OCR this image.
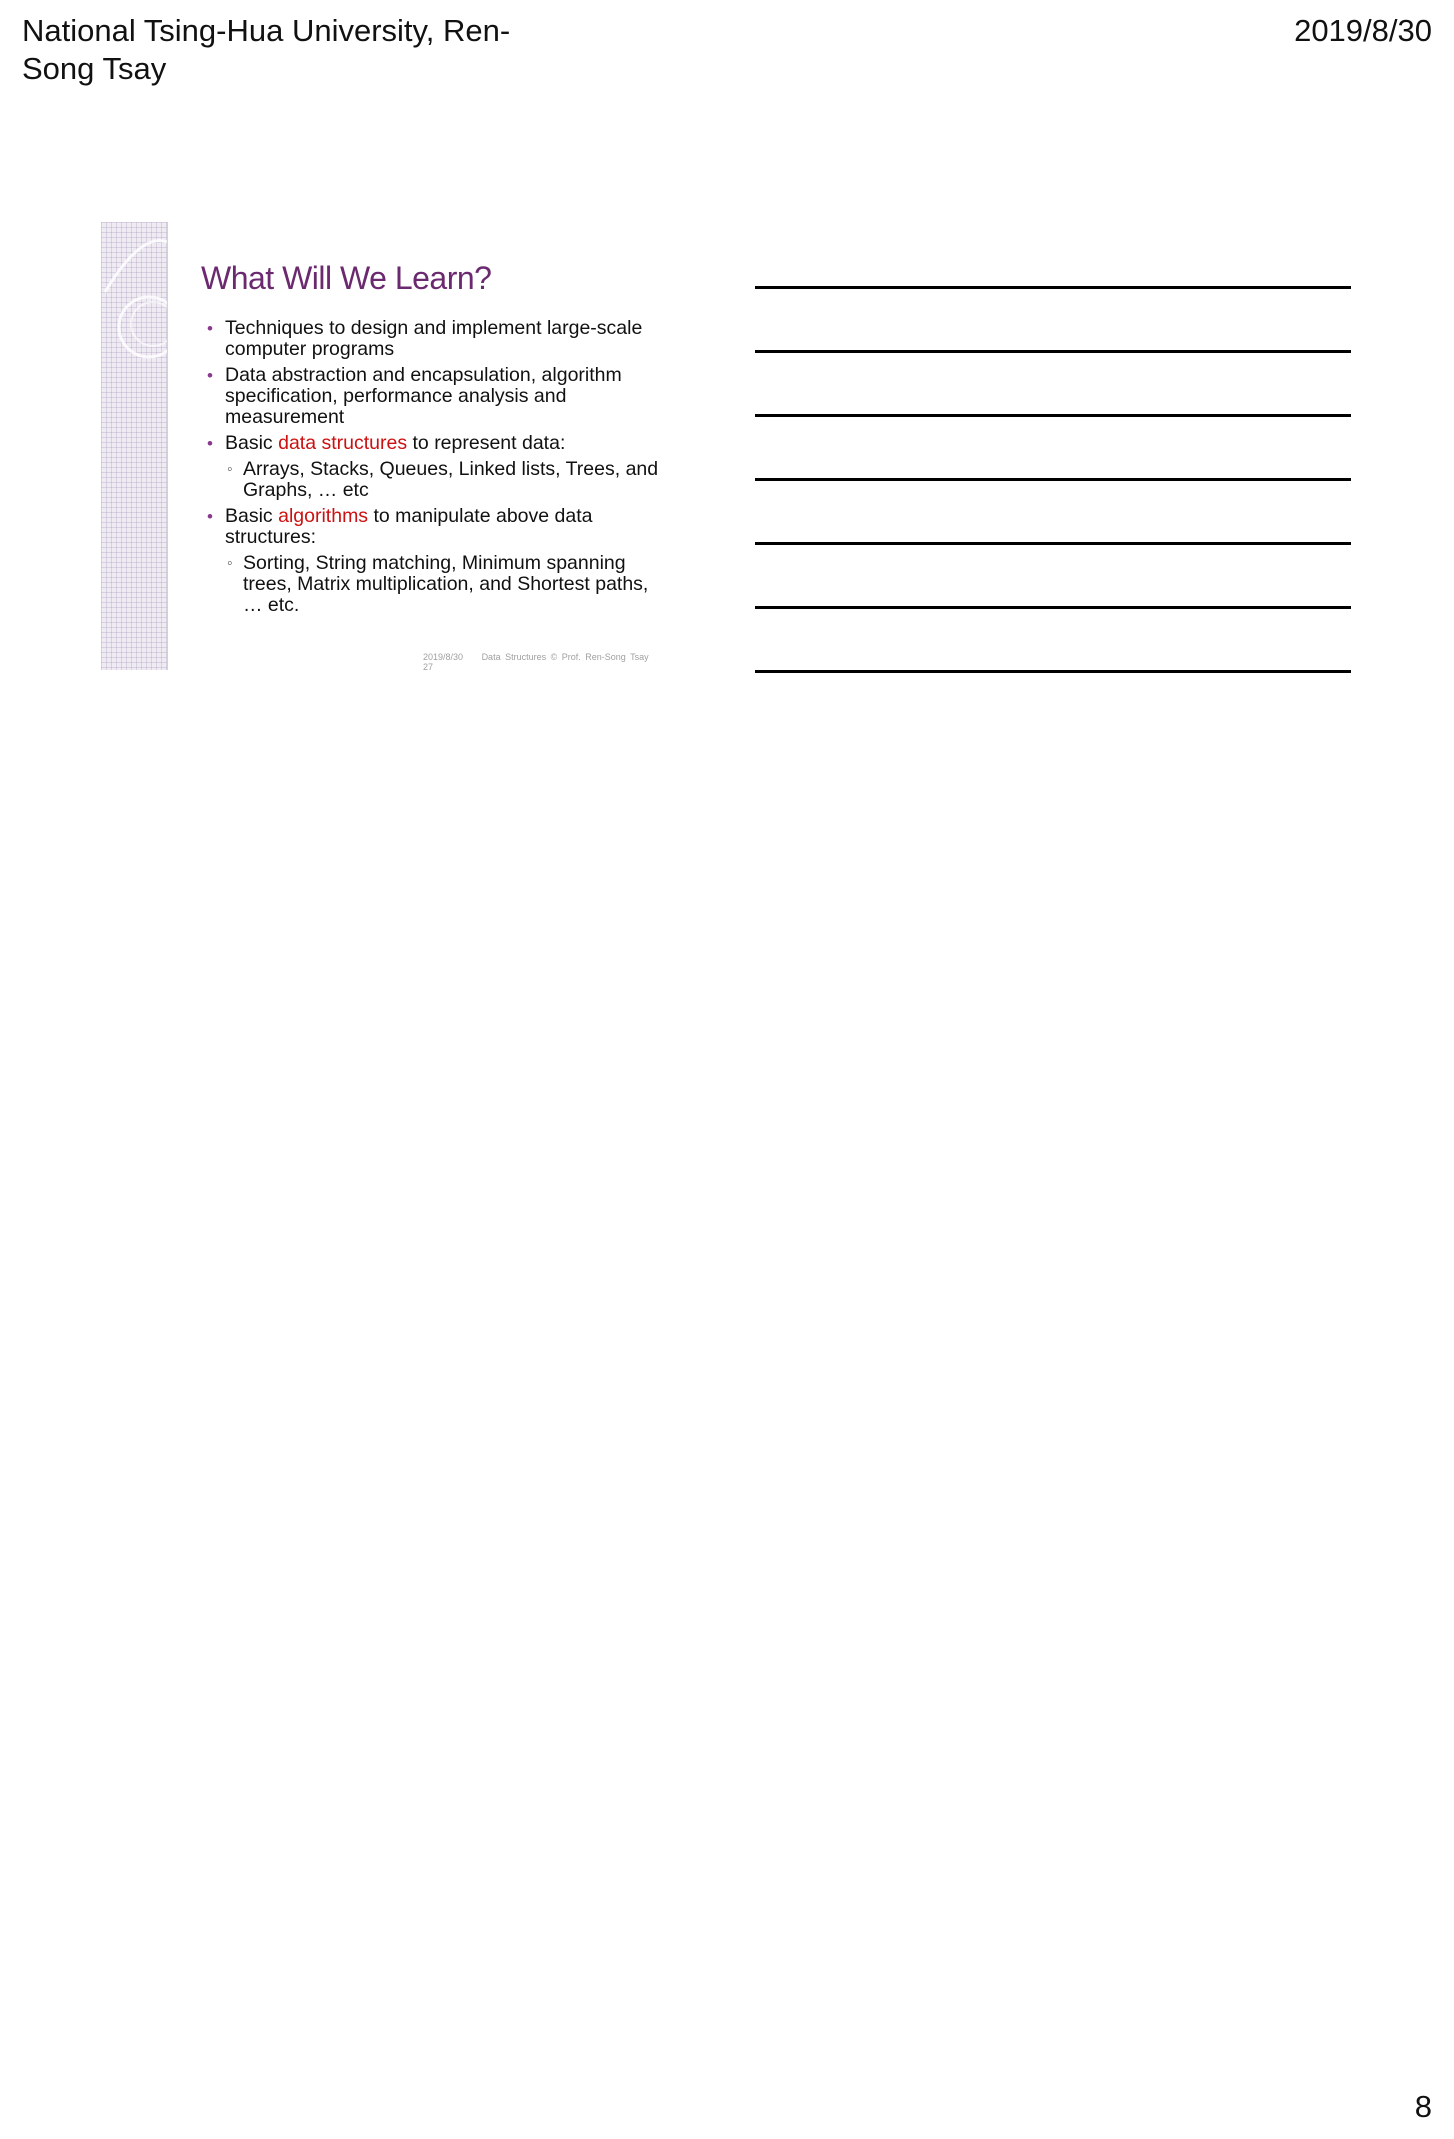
National Tsing-Hua University, Ren-Song Tsay
2019/8/30
What Will We Learn?
• Techniques to design and implement large-scale computer programs
• Data abstraction and encapsulation, algorithm specification, performance analysis and measurement
• Basic data structures to represent data:
◦ Arrays, Stacks, Queues, Linked lists, Trees, and Graphs, … etc
• Basic algorithms to manipulate above data structures:
◦ Sorting, String matching, Minimum spanning trees, Matrix multiplication, and Shortest paths, … etc.
2019/8/30 Data Structures © Prof. Ren-Song Tsay 27
8
